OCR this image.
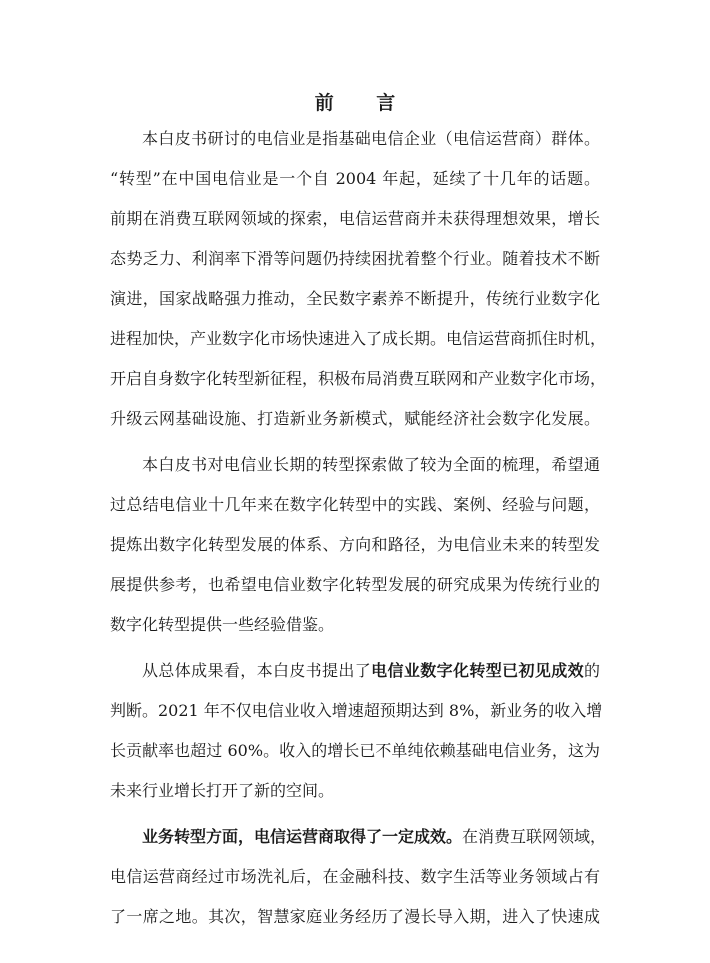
前 言
本白皮书研讨的电信业是指基础电信企业（电信运营商）群体。
“转型”在中国电信业是一个自 2004 年起，延续了十几年的话题。
前期在消费互联网领域的探索，电信运营商并未获得理想效果，增长
态势乏力、利润率下滑等问题仍持续困扰着整个行业。随着技术不断
演进，国家战略强力推动，全民数字素养不断提升，传统行业数字化
进程加快，产业数字化市场快速进入了成长期。电信运营商抓住时机，
开启自身数字化转型新征程，积极布局消费互联网和产业数字化市场，
升级云网基础设施、打造新业务新模式，赋能经济社会数字化发展。
本白皮书对电信业长期的转型探索做了较为全面的梳理，希望通
过总结电信业十几年来在数字化转型中的实践、案例、经验与问题，
提炼出数字化转型发展的体系、方向和路径，为电信业未来的转型发
展提供参考，也希望电信业数字化转型发展的研究成果为传统行业的
数字化转型提供一些经验借鉴。
从总体成果看，本白皮书提出了电信业数字化转型已初见成效的
判断。2021 年不仅电信业收入增速超预期达到 8%，新业务的收入增
长贡献率也超过 60%。收入的增长已不单纯依赖基础电信业务，这为
未来行业增长打开了新的空间。
业务转型方面，电信运营商取得了一定成效。在消费互联网领域，
电信运营商经过市场洗礼后，在金融科技、数字生活等业务领域占有
了一席之地。其次，智慧家庭业务经历了漫长导入期，进入了快速成
